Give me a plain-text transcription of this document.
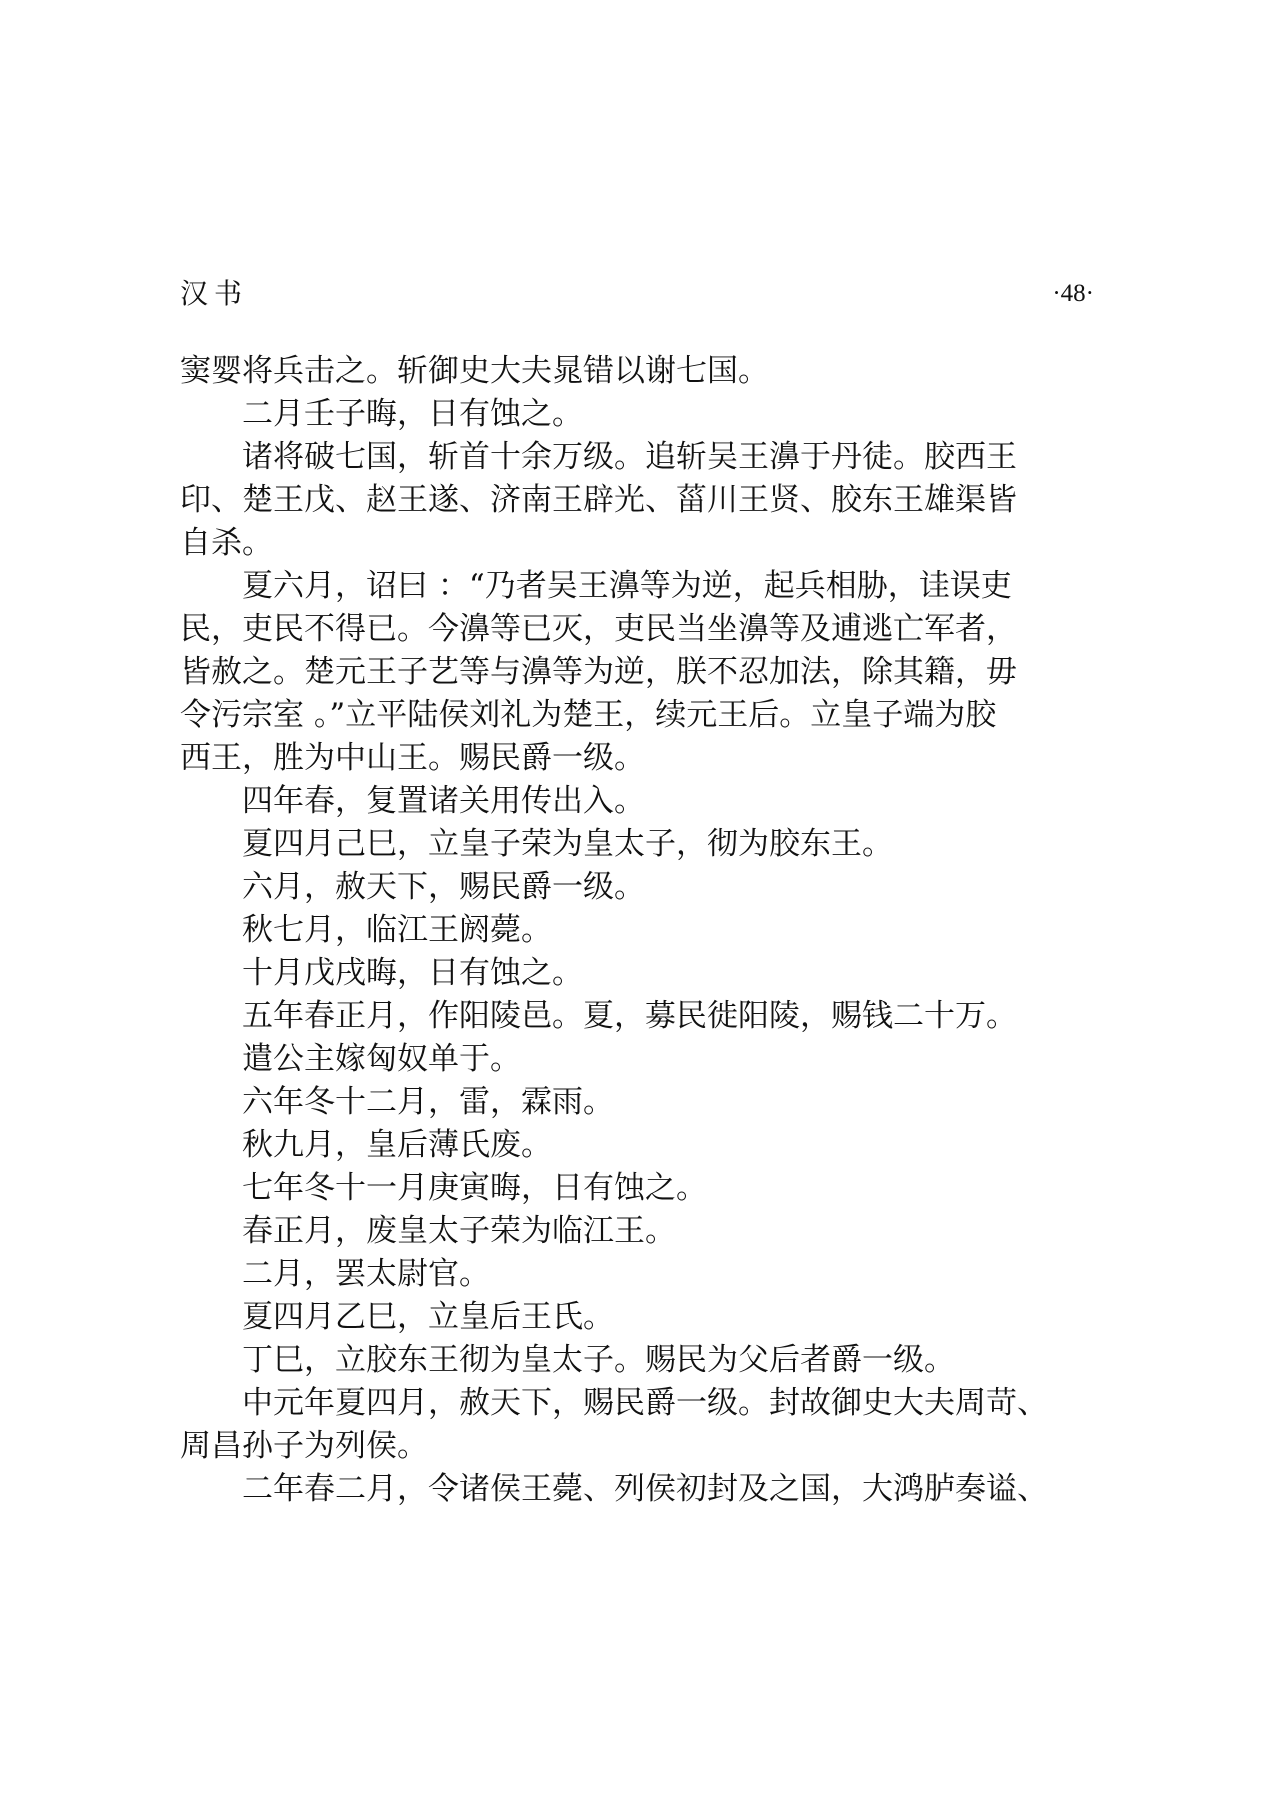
汉书	·48·

窦婴将兵击之。斩御史大夫晁错以谢七国。

　　二月壬子晦，日有蚀之。

　　诸将破七国，斩首十余万级。追斩吴王濞于丹徒。胶西王
印、楚王戊、赵王遂、济南王辟光、菑川王贤、胶东王雄渠皆
自杀。

　　夏六月，诏曰 ：“乃者吴王濞等为逆，起兵相胁，诖误吏
民，吏民不得已。今濞等已灭，吏民当坐濞等及逋逃亡军者，
皆赦之。楚元王子艺等与濞等为逆，朕不忍加法，除其籍，毋
令污宗室 。”立平陆侯刘礼为楚王，续元王后。立皇子端为胶
西王，胜为中山王。赐民爵一级。

　　四年春，复置诸关用传出入。

　　夏四月己巳，立皇子荣为皇太子，彻为胶东王。

　　六月，赦天下，赐民爵一级。

　　秋七月，临江王阏薨。

　　十月戊戌晦，日有蚀之。

　　五年春正月，作阳陵邑。夏，募民徙阳陵，赐钱二十万。

　　遣公主嫁匈奴单于。

　　六年冬十二月，雷，霖雨。

　　秋九月，皇后薄氏废。

　　七年冬十一月庚寅晦，日有蚀之。

　　春正月，废皇太子荣为临江王。

　　二月，罢太尉官。

　　夏四月乙巳，立皇后王氏。

　　丁巳，立胶东王彻为皇太子。赐民为父后者爵一级。

　　中元年夏四月，赦天下，赐民爵一级。封故御史大夫周苛、
周昌孙子为列侯。

　　二年春二月，令诸侯王薨、列侯初封及之国，大鸿胪奏谥、
